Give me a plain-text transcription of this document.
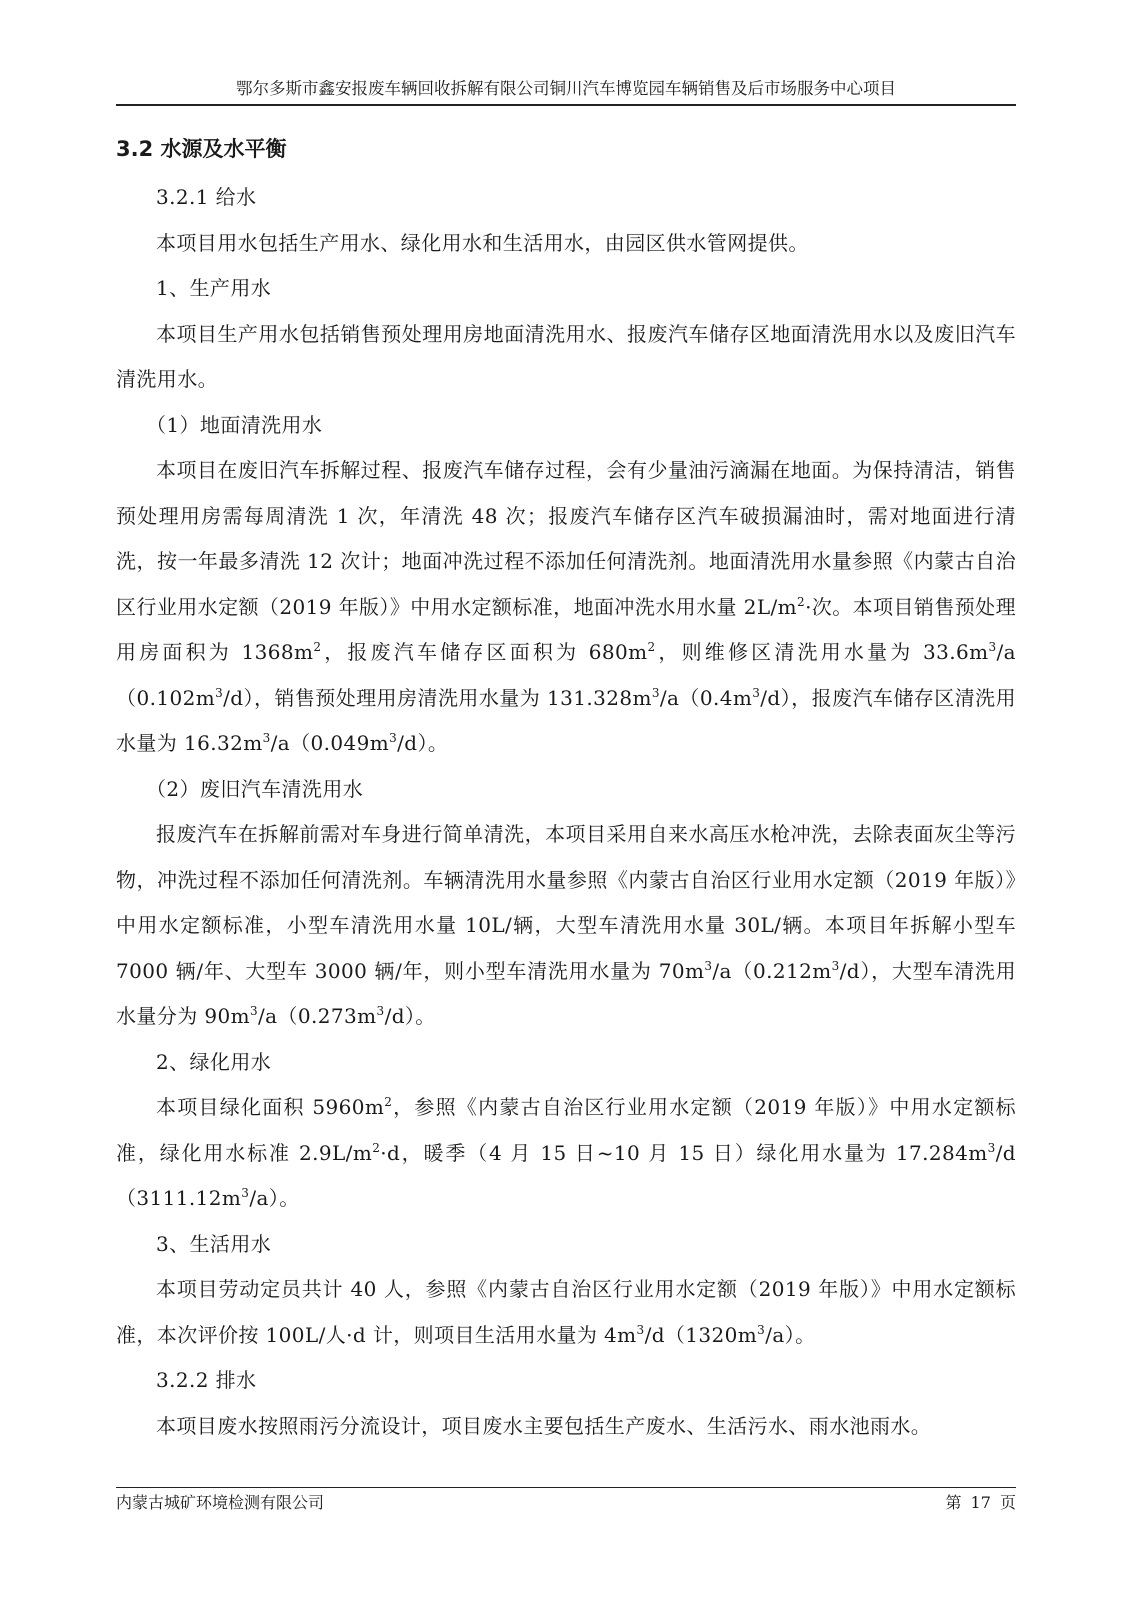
鄂尔多斯市鑫安报废车辆回收拆解有限公司铜川汽车博览园车辆销售及后市场服务中心项目
3.2 水源及水平衡

3.2.1 给水

本项目用水包括生产用水、绿化用水和生活用水，由园区供水管网提供。

1、生产用水

本项目生产用水包括销售预处理用房地面清洗用水、报废汽车储存区地面清洗用水以及废旧汽车清洗用水。

（1）地面清洗用水

本项目在废旧汽车拆解过程、报废汽车储存过程，会有少量油污滴漏在地面。为保持清洁，销售预处理用房需每周清洗 1 次，年清洗 48 次；报废汽车储存区汽车破损漏油时，需对地面进行清洗，按一年最多清洗 12 次计；地面冲洗过程不添加任何清洗剂。地面清洗用水量参照《内蒙古自治区行业用水定额（2019 年版）》中用水定额标准，地面冲洗水用水量 $2L/m^2\cdot$次。本项目销售预处理用房面积为 $1368m^2$，报废汽车储存区面积为 $680m^2$，则维修区清洗用水量为 $33.6m^3/a(0.102m^3/d)$，销售预处理用房清洗用水量为 $131.328m^3/a(0.4m^3/d)$，报废汽车储存区清洗用水量为 $16.32m^3/a(0.049m^3/d)$。

（2）废旧汽车清洗用水

报废汽车在拆解前需对车身进行简单清洗，本项目采用自来水高压水枪冲洗，去除表面灰尘等污物，冲洗过程不添加任何清洗剂。车辆清洗用水量参照《内蒙古自治区行业用水定额（2019 年版）》中用水定额标准，小型车清洗用水量 10L/辆，大型车清洗用水量 30L/辆。本项目年拆解小型车 7000 辆/年、大型车 3000 辆/年，则小型车清洗用水量为 $70m^3/a(0.212m^3/d)$，大型车清洗用水量分为 $90m^3/a(0.273m^3/d)$。

2、绿化用水

本项目绿化面积 $5960m^2$，参照《内蒙古自治区行业用水定额（2019 年版）》中用水定额标准，绿化用水标准 $2.9L/m^2\cdot d$，暖季（4 月 15 日~10 月 15 日）绿化用水量为 $17.284m^3/d(3111.12m^3/a)$。

3、生活用水

本项目劳动定员共计 40 人，参照《内蒙古自治区行业用水定额（2019 年版）》中用水定额标准，本次评价按 100L/人·d 计，则项目生活用水量为 $4m^3/d(1320m^3/a)$。

3.2.2 排水

本项目废水按照雨污分流设计，项目废水主要包括生产废水、生活污水、雨水池雨水。

内蒙古城矿环境检测有限公司	第 17 页
